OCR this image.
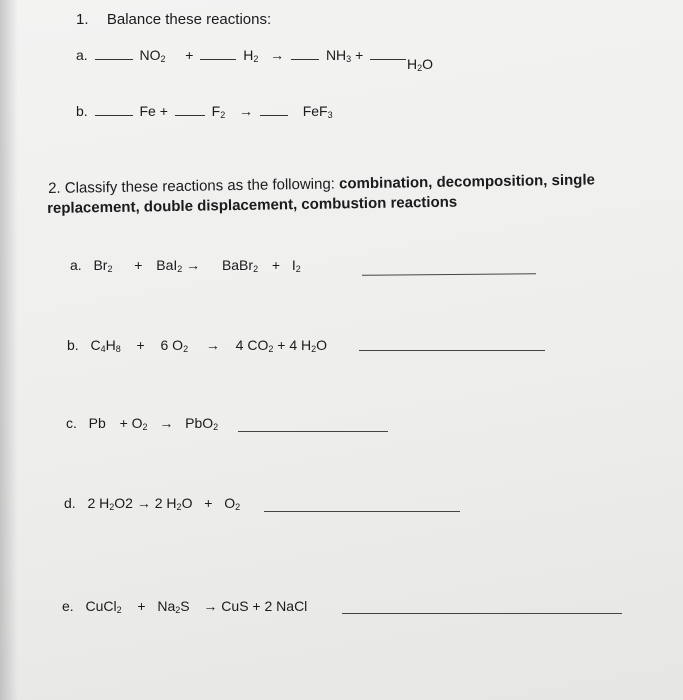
1. Balance these reactions:
a.	$NO_2$ +	$H_2$ →	$NH_3$ +
$H_2O$
b.	Fe +	$F_2$ →	FeF$_3$
2. Classify these reactions as the following: combination, decomposition, single
replacement, double displacement, combustion reactions
a. $Br_2 + BaI_2$ → BaBr$_2$ + $I_2$
b. $C_4H_8 + 6$ $O_2 \to 4$ $CO_2 + 4$ $H_2O$
c. $Pb + O_2 \to PbO_2$
d. 2 $H_2O2 \to 2$ $H_2O + O_2$
e. CuCl$_2$ + $Na_2S$ → CuS + 2 NaCl
